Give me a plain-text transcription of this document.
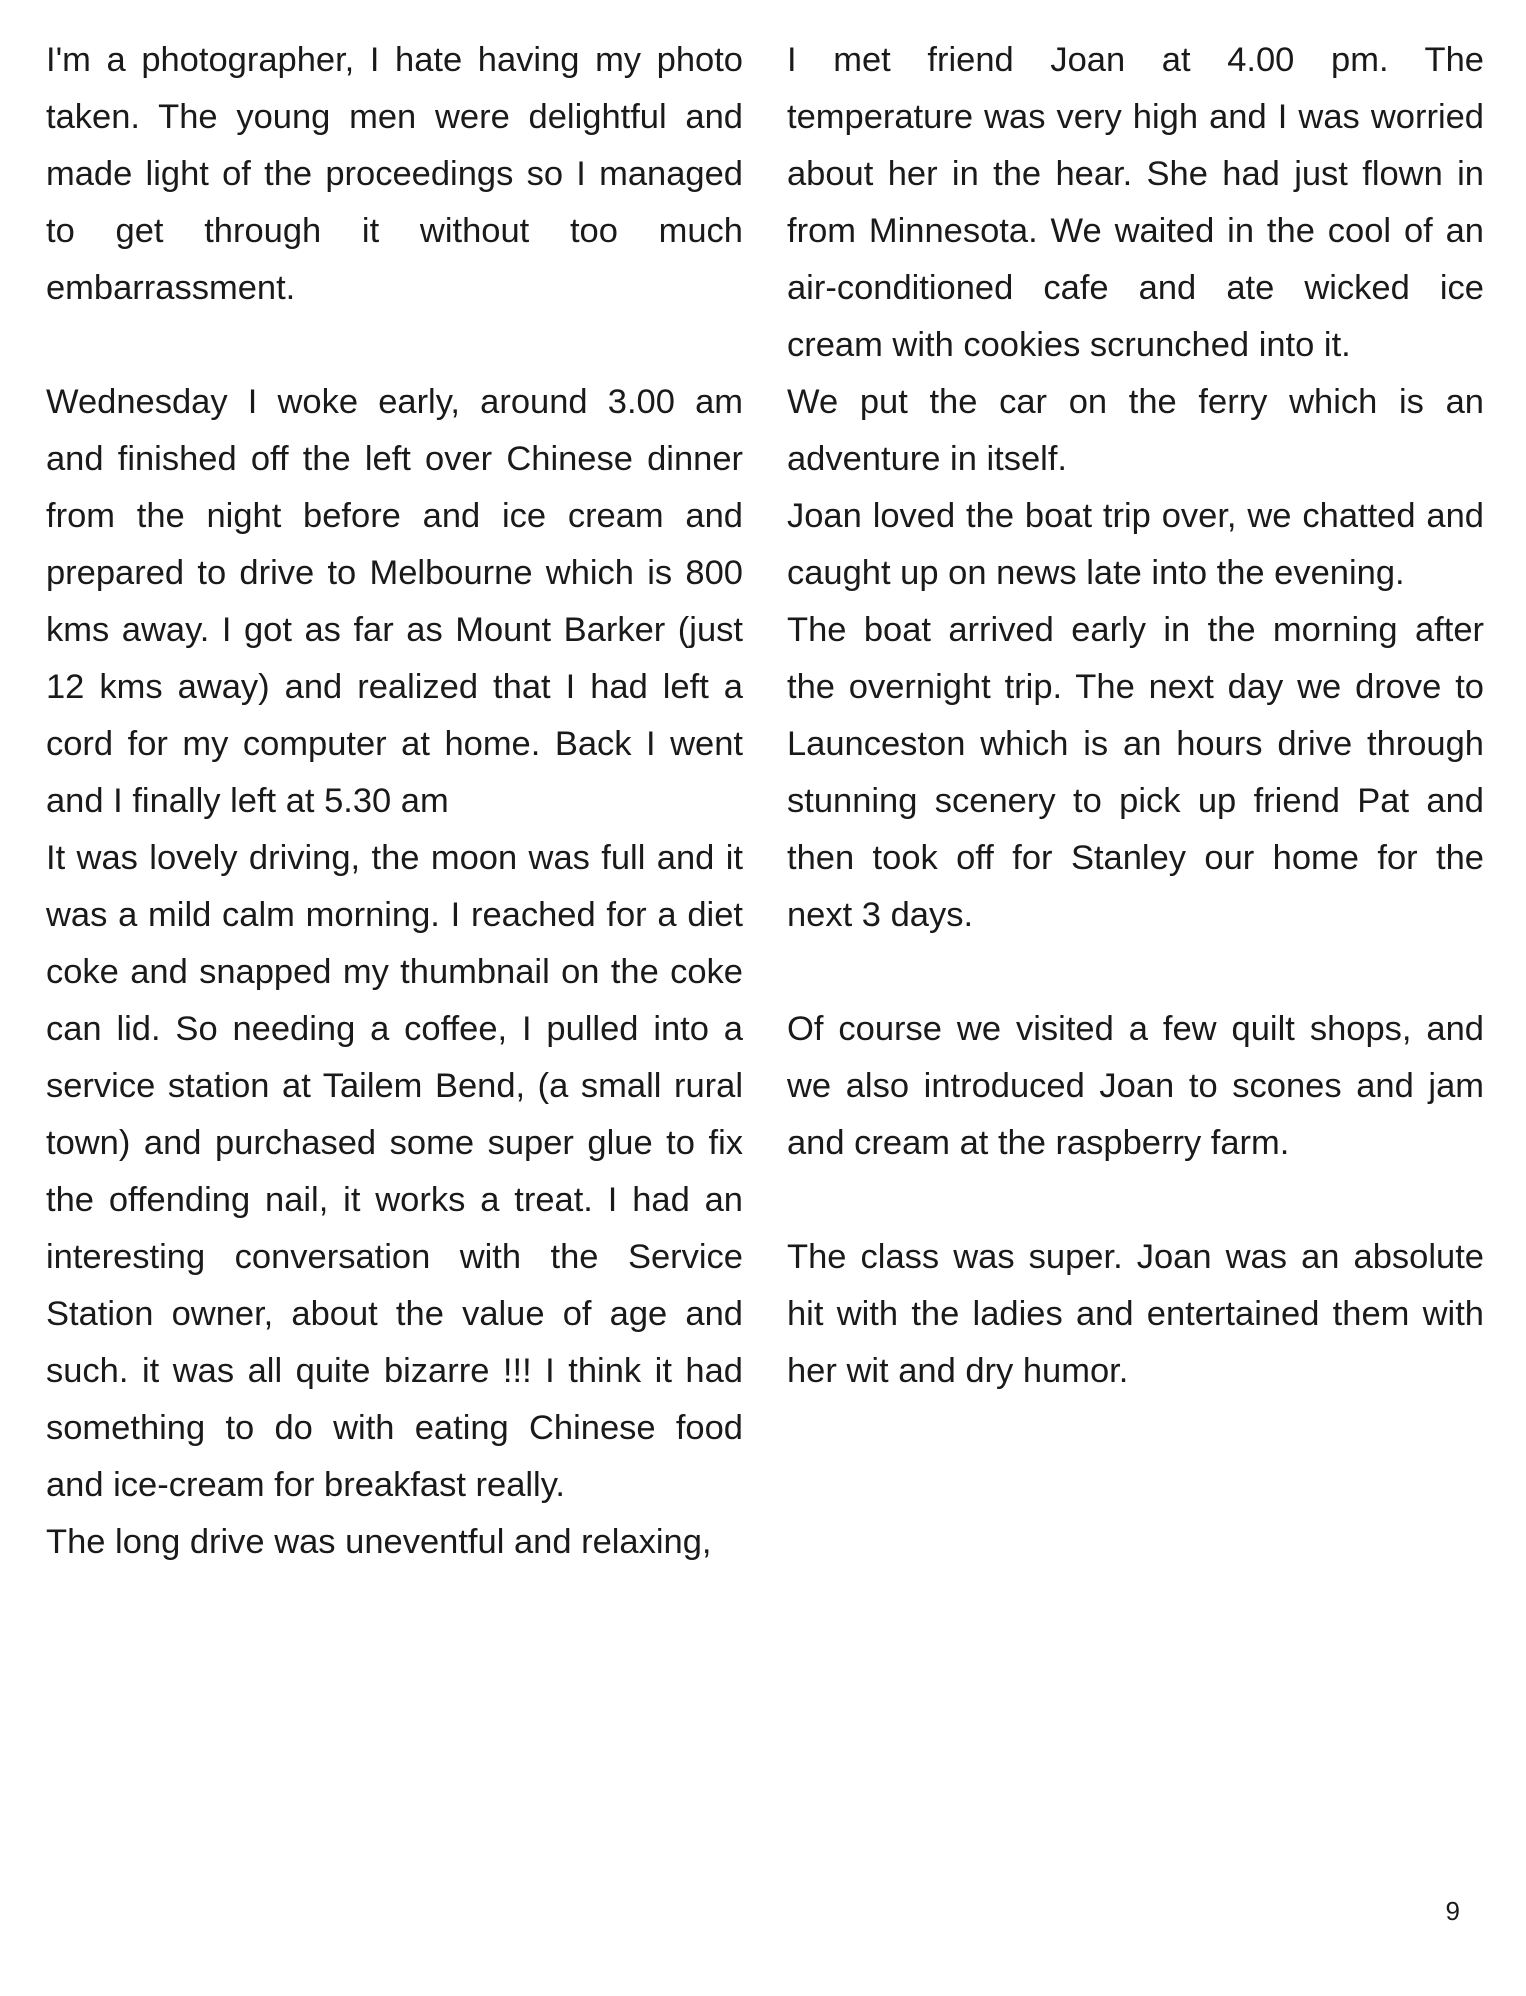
I'm a photographer, I hate having my photo taken. The young men were delightful and made light of the proceedings so I managed to get through it without too much embarrassment.

Wednesday I woke early, around 3.00 am and finished off the left over Chinese dinner from the night before and ice cream and prepared to drive to Melbourne which is 800 kms away. I got as far as Mount Barker (just 12 kms away) and realized that I had left a cord for my computer at home. Back I went and I finally left at 5.30 am

It was lovely driving, the moon was full and it was a mild calm morning. I reached for a diet coke and snapped my thumbnail on the coke can lid. So needing a coffee, I pulled into a service station at Tailem Bend, (a small rural town) and purchased some super glue to fix the offending nail, it works a treat. I had an interesting conversation with the Service Station owner, about the value of age and such. it was all quite bizarre !!! I think it had something to do with eating Chinese food and ice-cream for breakfast really.

The long drive was uneventful and relaxing,

I met friend Joan at 4.00 pm. The temperature was very high and I was worried about her in the hear. She had just flown in from Minnesota. We waited in the cool of an air-conditioned cafe and ate wicked ice cream with cookies scrunched into it.

We put the car on the ferry which is an adventure in itself.

Joan loved the boat trip over, we chatted and caught up on news late into the evening.

The boat arrived early in the morning after the overnight trip. The next day we drove to Launceston which is an hours drive through stunning scenery to pick up friend Pat and then took off for Stanley our home for the next 3 days.

Of course we visited a few quilt shops, and we also introduced Joan to scones and jam and cream at the raspberry farm.

The class was super. Joan was an absolute hit with the ladies and entertained them with her wit and dry humor.

9
